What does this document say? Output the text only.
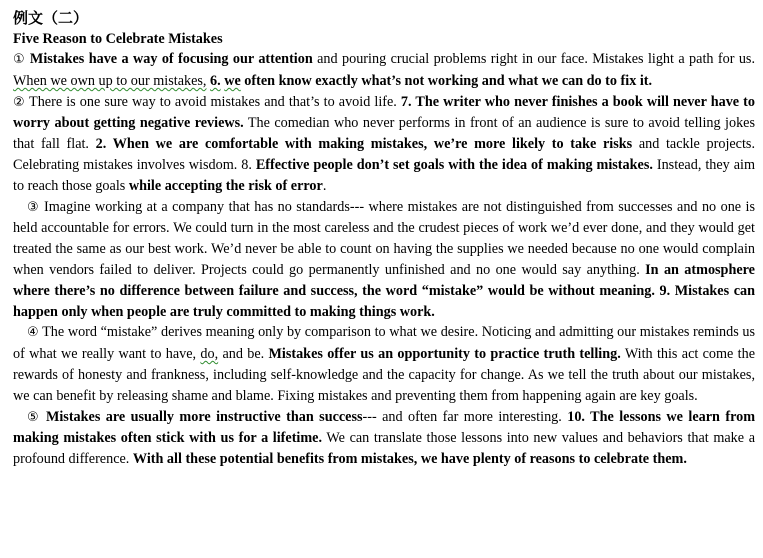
例文（二）
Five Reason to Celebrate Mistakes

① Mistakes have a way of focusing our attention and pouring crucial problems right in our face. Mistakes light a path for us. When we own up to our mistakes, 6. we often know exactly what’s not working and what we can do to fix it.

② There is one sure way to avoid mistakes and that’s to avoid life. 7. The writer who never finishes a book will never have to worry about getting negative reviews. The comedian who never performs in front of an audience is sure to avoid telling jokes that fall flat. 2. When we are comfortable with making mistakes, we’re more likely to take risks and tackle projects. Celebrating mistakes involves wisdom. 8. Effective people don’t set goals with the idea of making mistakes. Instead, they aim to reach those goals while accepting the risk of error.

③ Imagine working at a company that has no standards--- where mistakes are not distinguished from successes and no one is held accountable for errors. We could turn in the most careless and the crudest pieces of work we’d ever done, and they would get treated the same as our best work. We’d never be able to count on having the supplies we needed because no one would complain when vendors failed to deliver. Projects could go permanently unfinished and no one would say anything. In an atmosphere where there’s no difference between failure and success, the word “mistake” would be without meaning. 9. Mistakes can happen only when people are truly committed to making things work.

④ The word “mistake” derives meaning only by comparison to what we desire. Noticing and admitting our mistakes reminds us of what we really want to have, do, and be. Mistakes offer us an opportunity to practice truth telling. With this act come the rewards of honesty and frankness, including self-knowledge and the capacity for change. As we tell the truth about our mistakes, we can benefit by releasing shame and blame. Fixing mistakes and preventing them from happening again are key goals.

⑤ Mistakes are usually more instructive than success--- and often far more interesting. 10. The lessons we learn from making mistakes often stick with us for a lifetime. We can translate those lessons into new values and behaviors that make a profound difference. With all these potential benefits from mistakes, we have plenty of reasons to celebrate them.
